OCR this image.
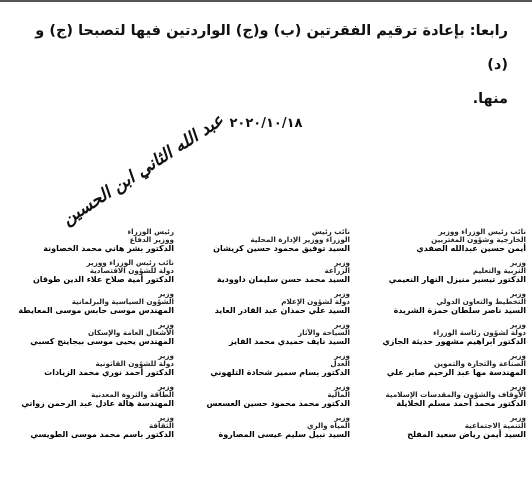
رابعا: بإعادة ترقيم الفقرتين (ب) و(ج) الواردتين فيها لتصبحا (ج) و (د)
منها.
٢٠٢٠/١٠/١٨
عبد الله الثاني ابن الحسين
نائب رئيس الوزراء ووزير
الخارجية وشؤون المغتربين
أيمن حسين عبدالله الصفدي
نائب رئيس
الوزراء ووزير الإدارة المحلية
السيد توفيق محمود حسين كريشان
رئيس الوزراء
ووزير الدفاع
الدكتور بشر هاني محمد الخصاونة
وزير
التربية والتعليم
الدكتور تيسير منيزل النهار النعيمي
وزير
الزراعة
السيد محمد حسن سليمان داوودية
نائب رئيس الوزراء ووزير
دولة للشؤون الاقتصادية
الدكتور أمية صلاح علاء الدين طوقان
وزير
التخطيط والتعاون الدولي
السيد ناصر سلطان حمزة الشريدة
وزير
دولة لشؤون الإعلام
السيد علي حمدان عبد القادر العايد
وزير
الشؤون السياسية والبرلمانية
المهندس موسى حابس موسى المعايطة
وزير
دولة لشؤون رئاسة الوزراء
الدكتور ابراهيم مشهور حديثة الجازي
وزير
السياحة والآثار
السيد نايف حميدي محمد الفايز
وزير
الأشغال العامة والإسكان
المهندس يحيى موسى بيجاينج كسبي
وزير
الصناعة والتجارة والتموين
المهندسة مها عبد الرحيم صابر علي
وزير
العدل
الدكتور بسام سمير شحادة التلهوني
وزير
دولة للشؤون القانونية
الدكتور أحمد نوري محمد الزيادات
وزير
الأوقاف والشؤون والمقدسات الإسلامية
الدكتور محمد أحمد مسلم الخلايلة
وزير
المالية
الدكتور محمد محمود حسين العسعس
وزير
الطاقة والثروة المعدنية
المهندسة هالة عادل عبد الرحمن زواتي
وزير
التنمية الاجتماعية
السيد أيمن رياض سعيد المفلح
وزير
المياه والري
السيد نبيل سليم عيسى المصاروة
وزير
الثقافة
الدكتور باسم محمد موسى الطويسي
